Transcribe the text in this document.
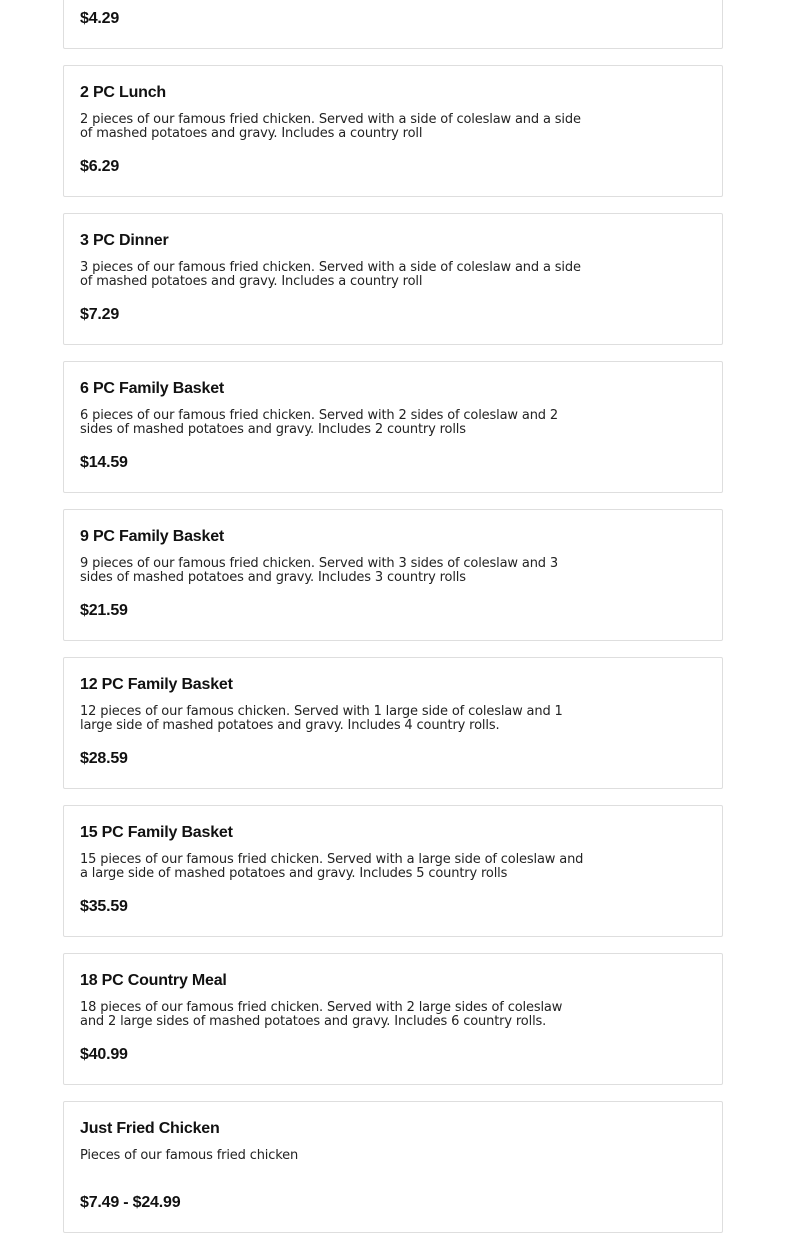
$4.29
2 PC Lunch
2 pieces of our famous fried chicken. Served with a side of coleslaw and a side of mashed potatoes and gravy. Includes a country roll
$6.29
3 PC Dinner
3 pieces of our famous fried chicken. Served with a side of coleslaw and a side of mashed potatoes and gravy. Includes a country roll
$7.29
6 PC Family Basket
6 pieces of our famous fried chicken. Served with 2 sides of coleslaw and 2 sides of mashed potatoes and gravy. Includes 2 country rolls
$14.59
9 PC Family Basket
9 pieces of our famous fried chicken. Served with 3 sides of coleslaw and 3 sides of mashed potatoes and gravy. Includes 3 country rolls
$21.59
12 PC Family Basket
12 pieces of our famous chicken. Served with 1 large side of coleslaw and 1 large side of mashed potatoes and gravy. Includes 4 country rolls.
$28.59
15 PC Family Basket
15 pieces of our famous fried chicken. Served with a large side of coleslaw and a large side of mashed potatoes and gravy. Includes 5 country rolls
$35.59
18 PC Country Meal
18 pieces of our famous fried chicken. Served with 2 large sides of coleslaw and 2 large sides of mashed potatoes and gravy. Includes 6 country rolls.
$40.99
Just Fried Chicken
Pieces of our famous fried chicken
$7.49 - $24.99
